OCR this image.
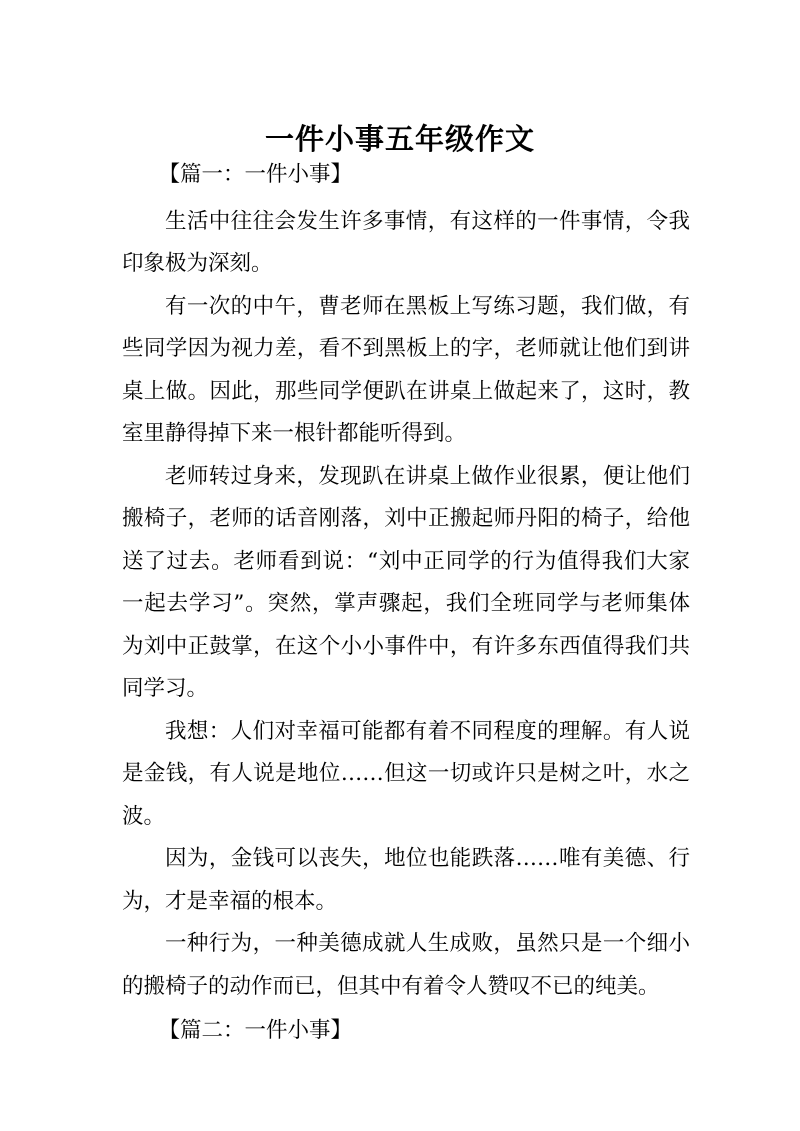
一件小事五年级作文

【篇一：一件小事】

生活中往往会发生许多事情，有这样的一件事情，令我印象极为深刻。

有一次的中午，曹老师在黑板上写练习题，我们做，有些同学因为视力差，看不到黑板上的字，老师就让他们到讲桌上做。因此，那些同学便趴在讲桌上做起来了，这时，教室里静得掉下来一根针都能听得到。

老师转过身来，发现趴在讲桌上做作业很累，便让他们搬椅子，老师的话音刚落，刘中正搬起师丹阳的椅子，给他送了过去。老师看到说：“刘中正同学的行为值得我们大家一起去学习”。突然，掌声骤起，我们全班同学与老师集体为刘中正鼓掌，在这个小小事件中，有许多东西值得我们共同学习。

我想：人们对幸福可能都有着不同程度的理解。有人说是金钱，有人说是地位……但这一切或许只是树之叶，水之波。

因为，金钱可以丧失，地位也能跌落……唯有美德、行为，才是幸福的根本。

一种行为，一种美德成就人生成败，虽然只是一个细小的搬椅子的动作而已，但其中有着令人赞叹不已的纯美。

【篇二：一件小事】
